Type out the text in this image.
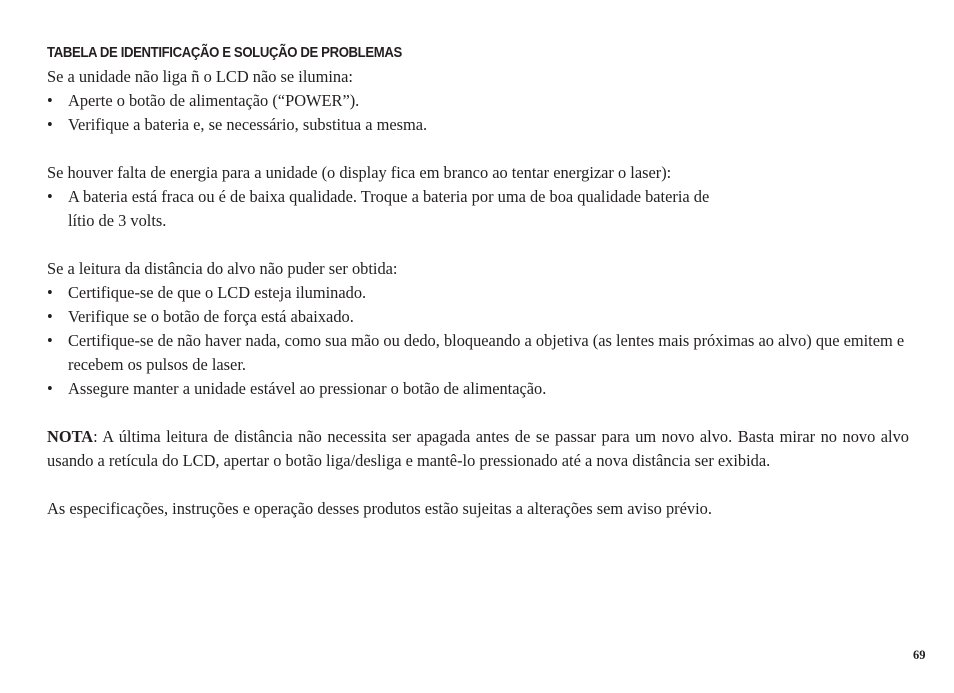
TABELA DE IDENTIFICAÇÃO E SOLUÇÃO DE PROBLEMAS

Se a unidade não liga ñ o LCD não se ilumina:

• Aperte o botão de alimentação (“POWER”).
• Verifique a bateria e, se necessário, substitua a mesma.

Se houver falta de energia para a unidade (o display fica em branco ao tentar energizar o laser):

• A bateria está fraca ou é de baixa qualidade. Troque a bateria por uma de boa qualidade bateria de lítio de 3 volts.

Se a leitura da distância do alvo não puder ser obtida:

• Certifique-se de que o LCD esteja iluminado.
• Verifique se o botão de força está abaixado.
• Certifique-se de não haver nada, como sua mão ou dedo, bloqueando a objetiva (as lentes mais próximas ao alvo) que emitem e recebem os pulsos de laser.
• Assegure manter a unidade estável ao pressionar o botão de alimentação.

NOTA: A última leitura de distância não necessita ser apagada antes de se passar para um novo alvo. Basta mirar no novo alvo usando a retícula do LCD, apertar o botão liga/desliga e mantê-lo pressionado até a nova distância ser exibida.

As especificações, instruções e operação desses produtos estão sujeitas a alterações sem aviso prévio.

69
